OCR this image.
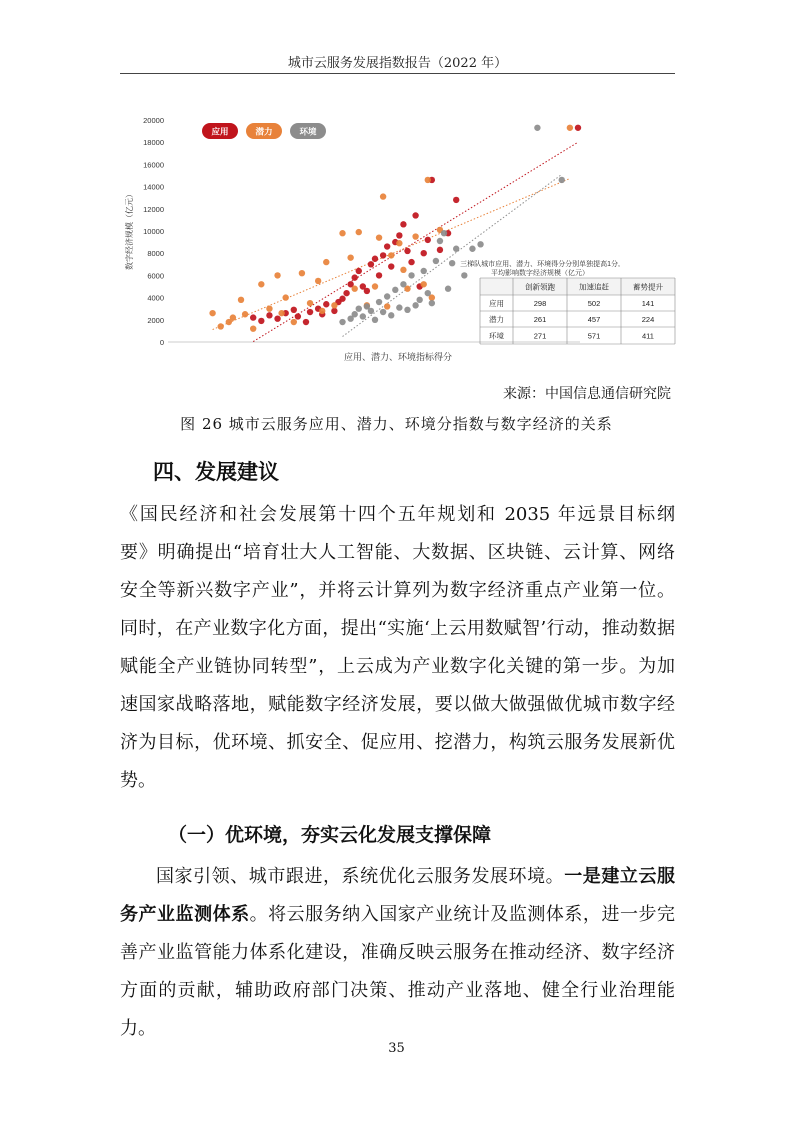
城市云服务发展指数报告（2022 年）
0
2000
4000
6000
8000
10000
12000
14000
16000
18000
20000
数字经济规模（亿元）
应用、潜力、环境指标得分
应用	潜力	环境
三梯队城市应用、潜力、环境得分分别单独提高1分,
平均影响数字经济规模（亿元）
创新领跑	加速追赶	蓄势提升
应用	298	502	141
潜力	261	457	224
环境	271	571	411
来源：中国信息通信研究院
图 26 城市云服务应用、潜力、环境分指数与数字经济的关系
四、发展建议

《国民经济和社会发展第十四个五年规划和 2035 年远景目标纲

要》明确提出“培育壮大人工智能、大数据、区块链、云计算、网络

安全等新兴数字产业”，并将云计算列为数字经济重点产业第一位。

同时，在产业数字化方面，提出“实施‘上云用数赋智’行动，推动数据

赋能全产业链协同转型”，上云成为产业数字化关键的第一步。为加

速国家战略落地，赋能数字经济发展，要以做大做强做优城市数字经

济为目标，优环境、抓安全、促应用、挖潜力，构筑云服务发展新优

势。

（一）优环境，夯实云化发展支撑保障

国家引领、城市跟进，系统优化云服务发展环境。一是建立云服

务产业监测体系。将云服务纳入国家产业统计及监测体系，进一步完

善产业监管能力体系化建设，准确反映云服务在推动经济、数字经济

方面的贡献，辅助政府部门决策、推动产业落地、健全行业治理能力。

35
